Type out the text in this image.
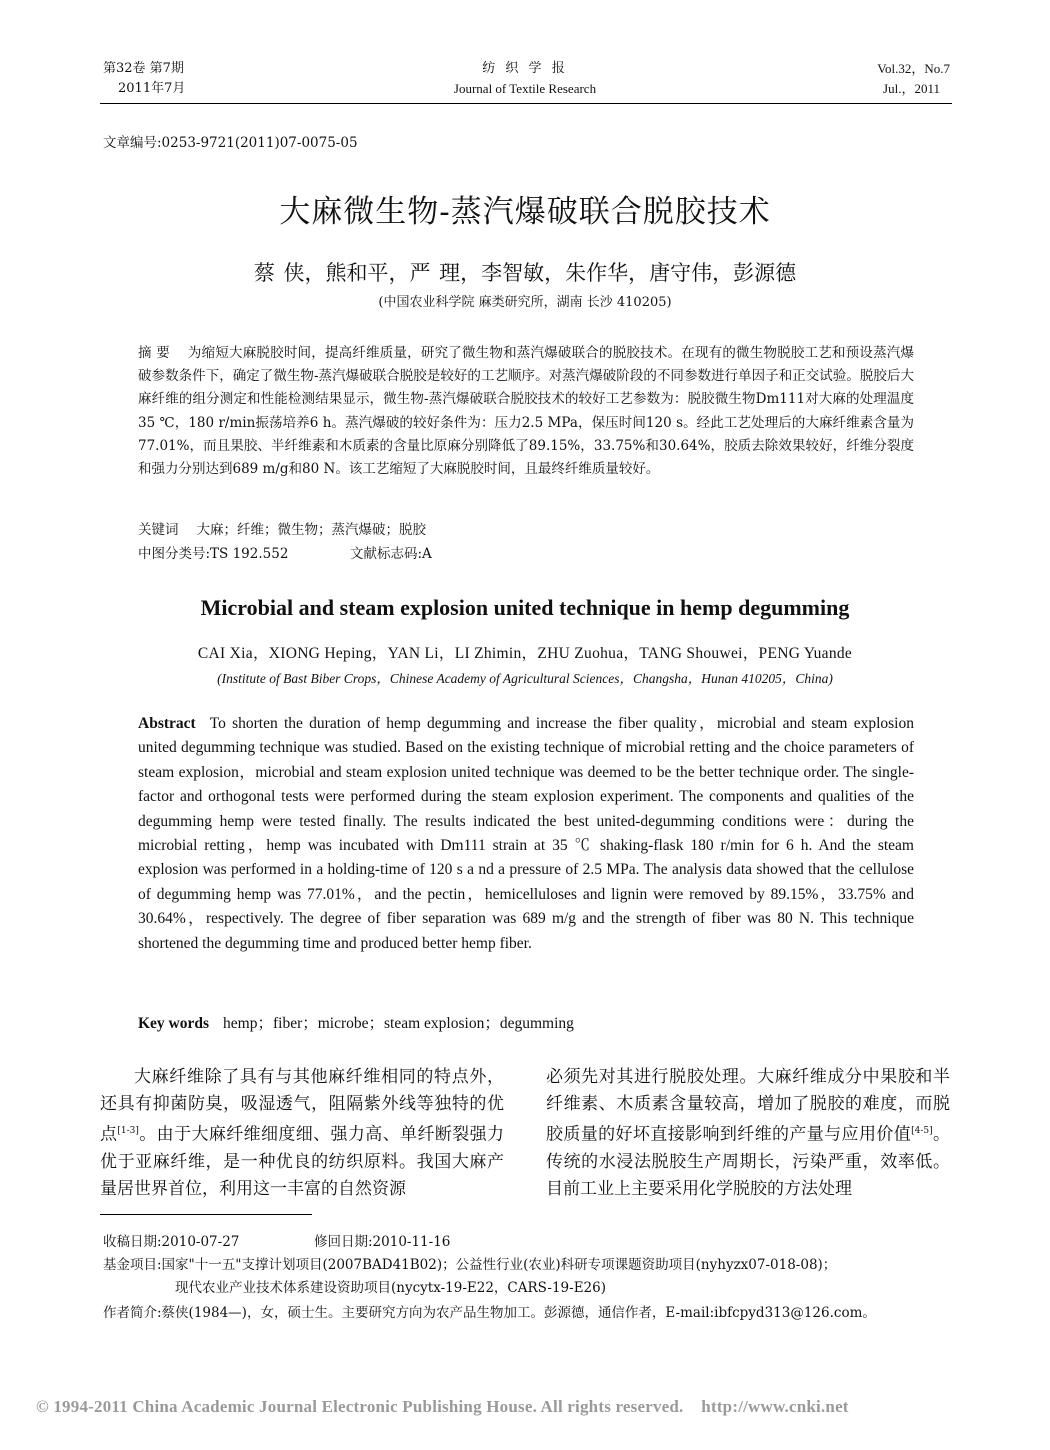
第32卷 第7期
2011年7月
纺 织 学 报
Journal of Textile Research
Vol.32，No.7
Jul.，2011
文章编号:0253-9721(2011)07-0075-05
大麻微生物-蒸汽爆破联合脱胶技术
蔡 侠，熊和平，严 理，李智敏，朱作华，唐守伟，彭源德
(中国农业科学院 麻类研究所，湖南 长沙 410205)
摘 要 为缩短大麻脱胶时间，提高纤维质量，研究了微生物和蒸汽爆破联合的脱胶技术。在现有的微生物脱胶工艺和预设蒸汽爆破参数条件下，确定了微生物-蒸汽爆破联合脱胶是较好的工艺顺序。对蒸汽爆破阶段的不同参数进行单因子和正交试验。脱胶后大麻纤维的组分测定和性能检测结果显示，微生物-蒸汽爆破联合脱胶技术的较好工艺参数为：脱胶微生物Dm111对大麻的处理温度35 ℃，180 r/min振荡培养6 h。蒸汽爆破的较好条件为：压力2.5 MPa，保压时间120 s。经此工艺处理后的大麻纤维素含量为77.01%，而且果胶、半纤维素和木质素的含量比原麻分别降低了89.15%，33.75%和30.64%，胶质去除效果较好，纤维分裂度和强力分别达到689 m/g和80 N。该工艺缩短了大麻脱胶时间，且最终纤维质量较好。
关键词 大麻；纤维；微生物；蒸汽爆破；脱胶
中图分类号:TS 192.552	文献标志码:A
Microbial and steam explosion united technique in hemp degumming
CAI Xia，XIONG Heping，YAN Li，LI Zhimin，ZHU Zuohua，TANG Shouwei，PENG Yuande
(Institute of Bast Biber Crops，Chinese Academy of Agricultural Sciences，Changsha，Hunan 410205，China)
Abstract To shorten the duration of hemp degumming and increase the fiber quality，microbial and steam explosion united degumming technique was studied. Based on the existing technique of microbial retting and the choice parameters of steam explosion，microbial and steam explosion united technique was deemed to be the better technique order. The single-factor and orthogonal tests were performed during the steam explosion experiment. The components and qualities of the degumming hemp were tested finally. The results indicated the best united-degumming conditions were：during the microbial retting，hemp was incubated with Dm111 strain at 35 ℃ shaking-flask 180 r/min for 6 h. And the steam explosion was performed in a holding-time of 120 s a nd a pressure of 2.5 MPa. The analysis data showed that the cellulose of degumming hemp was 77.01%，and the pectin，hemicelluloses and lignin were removed by 89.15%，33.75% and 30.64%，respectively. The degree of fiber separation was 689 m/g and the strength of fiber was 80 N. This technique shortened the degumming time and produced better hemp fiber.
Key words hemp；fiber；microbe；steam explosion；degumming
大麻纤维除了具有与其他麻纤维相同的特点外，还具有抑菌防臭，吸湿透气，阻隔紫外线等独特的优点[1-3]。由于大麻纤维细度细、强力高、单纤断裂强力优于亚麻纤维，是一种优良的纺织原料。我国大麻产量居世界首位，利用这一丰富的自然资源
必须先对其进行脱胶处理。大麻纤维成分中果胶和半纤维素、木质素含量较高，增加了脱胶的难度，而脱胶质量的好坏直接影响到纤维的产量与应用价值[4-5]。传统的水浸法脱胶生产周期长，污染严重，效率低。目前工业上主要采用化学脱胶的方法处理
收稿日期:2010-07-27	修回日期:2010-11-16
基金项目:国家"十一五"支撑计划项目(2007BAD41B02)；公益性行业(农业)科研专项课题资助项目(nyhyzx07-018-08)；
现代农业产业技术体系建设资助项目(nycytx-19-E22，CARS-19-E26)
作者简介:蔡侠(1984—)，女，硕士生。主要研究方向为农产品生物加工。彭源德，通信作者，E-mail:ibfcpyd313@126.com。
© 1994-2011 China Academic Journal Electronic Publishing House. All rights reserved.    http://www.cnki.net
